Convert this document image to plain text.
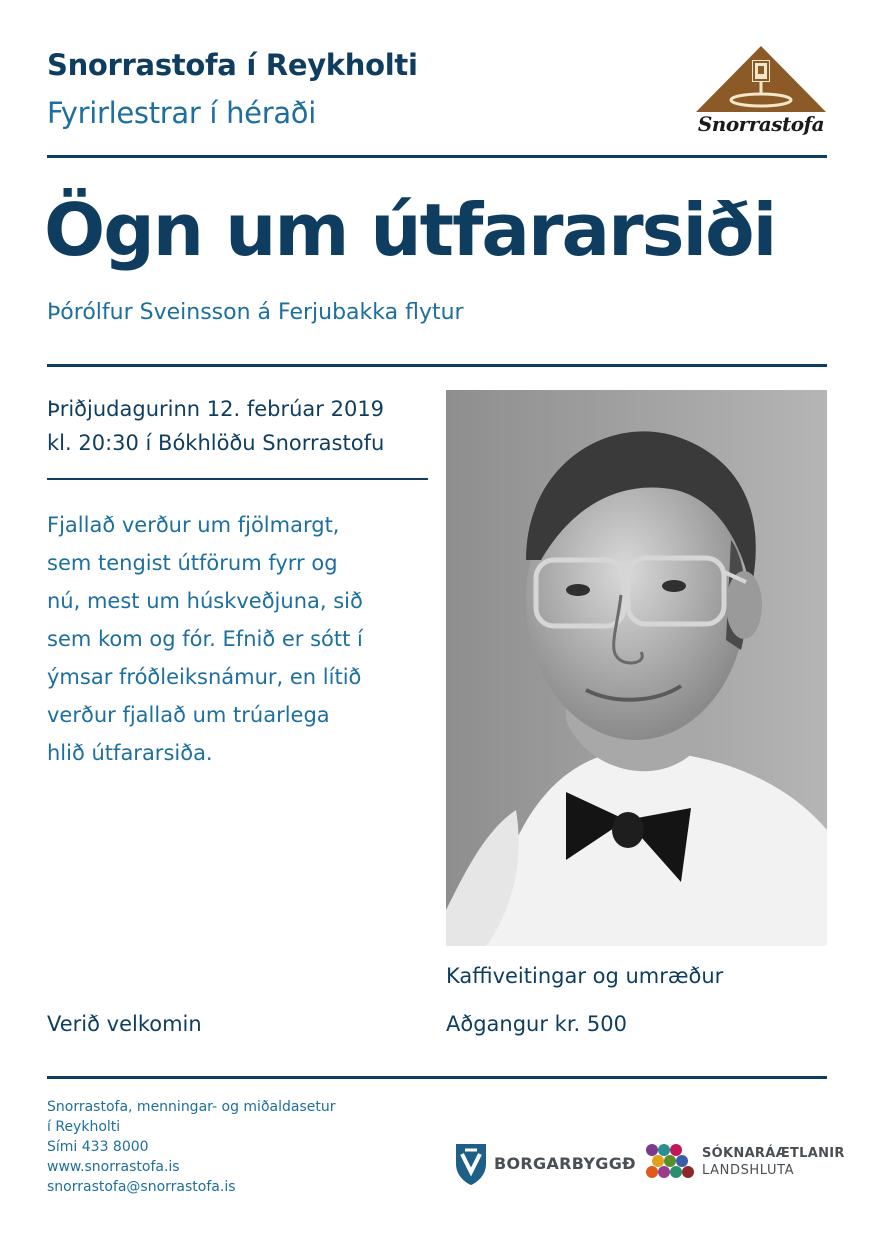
Snorrastofa í Reykholti
Fyrirlestrar í héraði	Snorrastofa
Ögn um útfararsiði
Þórólfur Sveinsson á Ferjubakka flytur
Þriðjudagurinn 12. febrúar 2019
kl. 20:30 í Bókhlöðu Snorrastofu

Fjallað verður um fjölmargt,

sem tengist útförum fyrr og

nú, mest um húskveðjuna, sið

sem kom og fór. Efnið er sótt í

ýmsar fróðleiksnámur, en lítið

verður fjallað um trúarlega

hlið útfararsiða.

Kaffiveitingar og umræður
Aðgangur kr. 500
Verið velkomin
Snorrastofa, menningar- og miðaldasetur
í Reykholti
Sími 433 8000
www.snorrastofa.is
snorrastofa@snorrastofa.is
BORGARBYGGÐ
SÓKNARÁÆTLANIR
LANDSHLUTA
